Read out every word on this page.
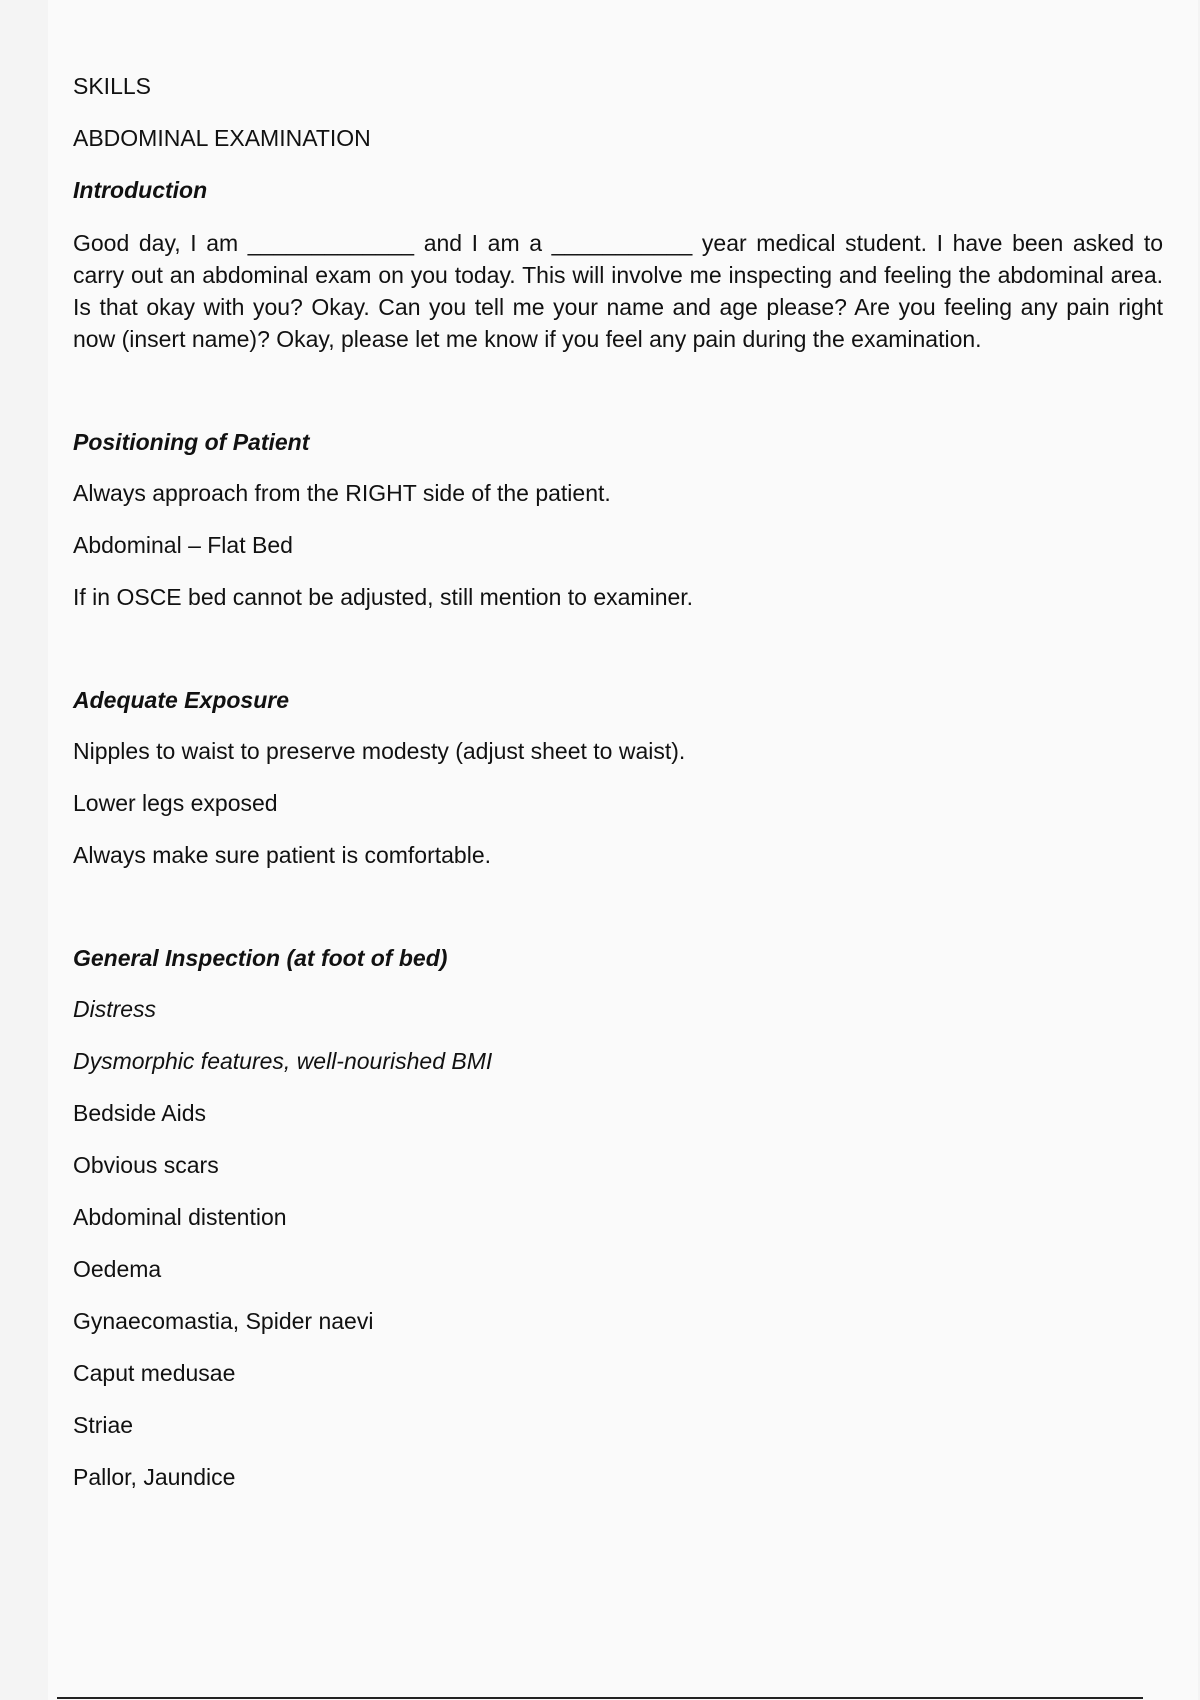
SKILLS

ABDOMINAL EXAMINATION

Introduction

Good day, I am _____________ and I am a ___________ year medical student. I have been asked to carry out an abdominal exam on you today. This will involve me inspecting and feeling the abdominal area. Is that okay with you? Okay. Can you tell me your name and age please? Are you feeling any pain right now (insert name)? Okay, please let me know if you feel any pain during the examination.

Positioning of Patient

Always approach from the RIGHT side of the patient.

Abdominal – Flat Bed

If in OSCE bed cannot be adjusted, still mention to examiner.

Adequate Exposure

Nipples to waist to preserve modesty (adjust sheet to waist).

Lower legs exposed

Always make sure patient is comfortable.

General Inspection (at foot of bed)

Distress

Dysmorphic features, well-nourished BMI

Bedside Aids

Obvious scars

Abdominal distention

Oedema

Gynaecomastia, Spider naevi

Caput medusae

Striae

Pallor, Jaundice
